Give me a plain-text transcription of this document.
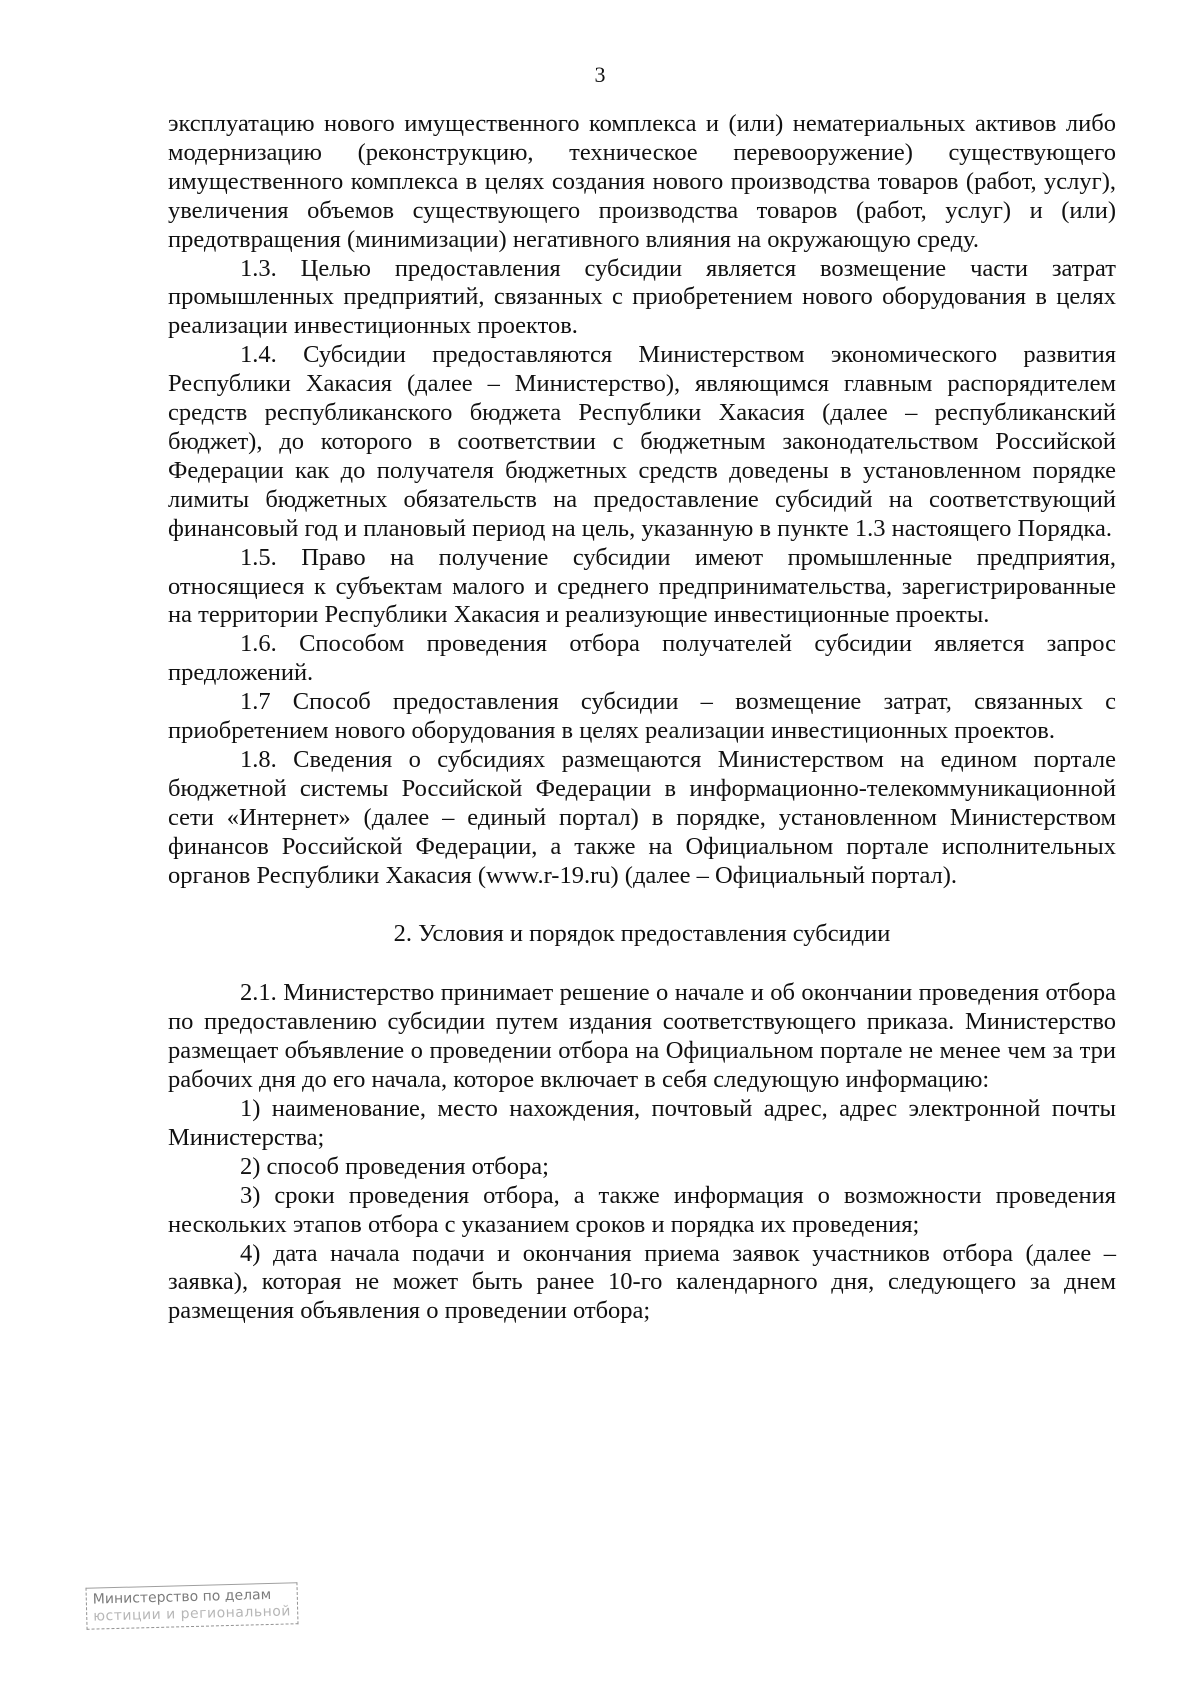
3

эксплуатацию нового имущественного комплекса и (или) нематериальных активов либо модернизацию (реконструкцию, техническое перевооружение) существующего имущественного комплекса в целях создания нового производства товаров (работ, услуг), увеличения объемов существующего производства товаров (работ, услуг) и (или) предотвращения (минимизации) негативного влияния на окружающую среду.

1.3. Целью предоставления субсидии является возмещение части затрат промышленных предприятий, связанных с приобретением нового оборудования в целях реализации инвестиционных проектов.

1.4. Субсидии предоставляются Министерством экономического развития Республики Хакасия (далее – Министерство), являющимся главным распорядителем средств республиканского бюджета Республики Хакасия (далее – республиканский бюджет), до которого в соответствии с бюджетным законодательством Российской Федерации как до получателя бюджетных средств доведены в установленном порядке лимиты бюджетных обязательств на предоставление субсидий на соответствующий финансовый год и плановый период на цель, указанную в пункте 1.3 настоящего Порядка.

1.5. Право на получение субсидии имеют промышленные предприятия, относящиеся к субъектам малого и среднего предпринимательства, зарегистрированные на территории Республики Хакасия и реализующие инвестиционные проекты.

1.6. Способом проведения отбора получателей субсидии является запрос предложений.

1.7 Способ предоставления субсидии – возмещение затрат, связанных с приобретением нового оборудования в целях реализации инвестиционных проектов.

1.8. Сведения о субсидиях размещаются Министерством на едином портале бюджетной системы Российской Федерации в информационно-телекоммуникационной сети «Интернет» (далее – единый портал) в порядке, установленном Министерством финансов Российской Федерации, а также на Официальном портале исполнительных органов Республики Хакасия (www.r-19.ru) (далее – Официальный портал).

2. Условия и порядок предоставления субсидии

2.1. Министерство принимает решение о начале и об окончании проведения отбора по предоставлению субсидии путем издания соответствующего приказа. Министерство размещает объявление о проведении отбора на Официальном портале не менее чем за три рабочих дня до его начала, которое включает в себя следующую информацию:

1) наименование, место нахождения, почтовый адрес, адрес электронной почты Министерства;

2) способ проведения отбора;

3) сроки проведения отбора, а также информация о возможности проведения нескольких этапов отбора с указанием сроков и порядка их проведения;

4) дата начала подачи и окончания приема заявок участников отбора (далее – заявка), которая не может быть ранее 10-го календарного дня, следующего за днем размещения объявления о проведении отбора;

Министерство по делам
юстиции и региональной
